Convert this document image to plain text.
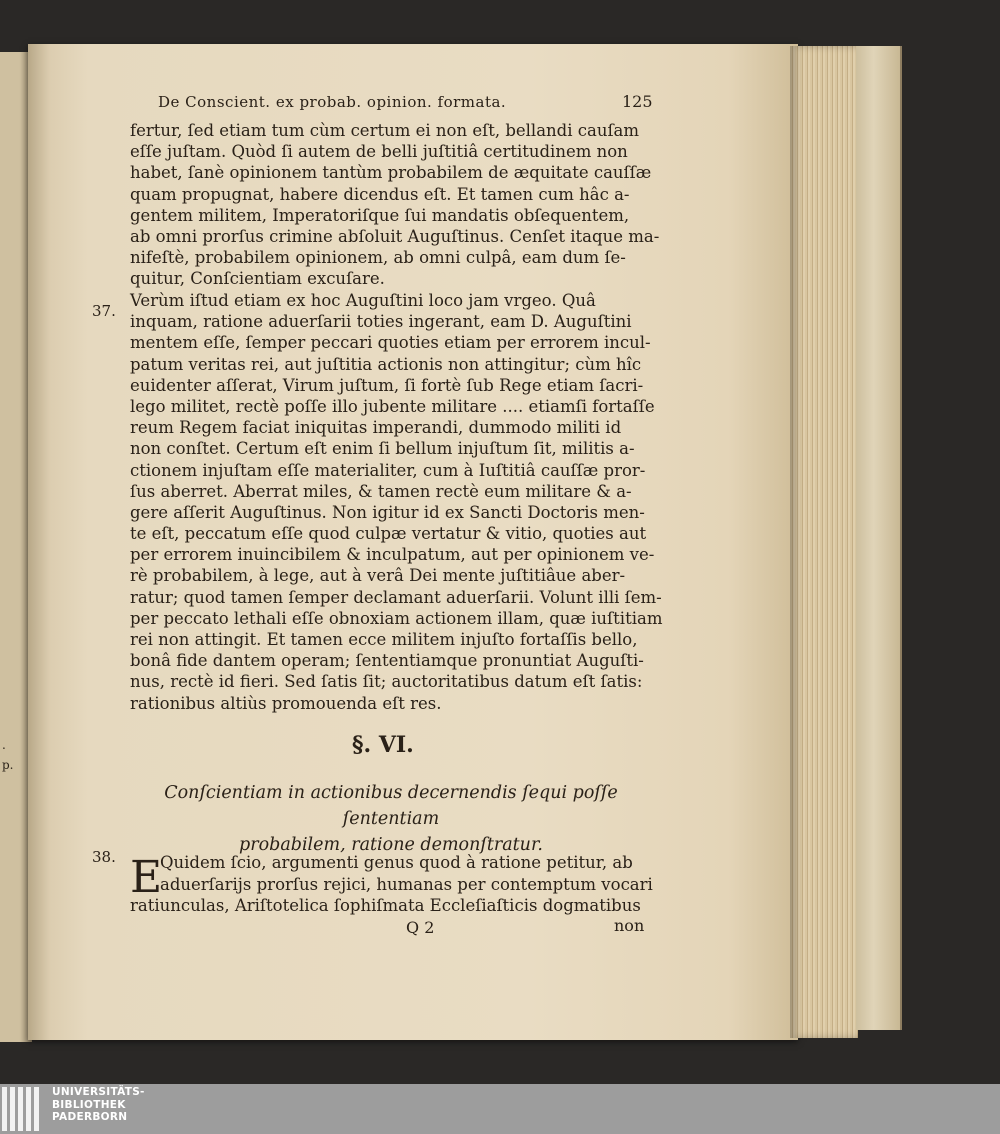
.
p.
De Conscient. ex probab. opinion. formata.	125
fertur, ſed etiam tum cùm certum ei non eſt, bellandi cauſam
eſſe juſtam. Quòd ſi autem de belli juſtitiâ certitudinem non
habet, ſanè opinionem tantùm probabilem de æquitate cauſſæ
quam propugnat, habere dicendus eſt. Et tamen cum hâc a-
gentem militem, Imperatoriſque ſui mandatis obſequentem,
ab omni prorſus crimine abſoluit Auguſtinus. Cenſet itaque ma-
nifeſtè, probabilem opinionem, ab omni culpâ, eam dum ſe-
quitur, Conſcientiam excuſare.
37.
Verùm iſtud etiam ex hoc Auguſtini loco jam vrgeo. Quâ
inquam, ratione aduerſarii toties ingerant, eam D. Auguſtini
mentem eſſe, ſemper peccari quoties etiam per errorem incul-
patum veritas rei, aut juſtitia actionis non attingitur; cùm hîc
euidenter aſſerat, Virum juſtum, ſi fortè ſub Rege etiam ſacri-
lego militet, rectè poſſe illo jubente militare .... etiamſi fortaſſe
reum Regem faciat iniquitas imperandi, dummodo militi id
non conſtet. Certum eſt enim ſi bellum injuſtum ſit, militis a-
ctionem injuſtam eſſe materialiter, cum à Iuſtitiâ cauſſæ pror-
ſus aberret. Aberrat miles, & tamen rectè eum militare & a-
gere aſſerit Auguſtinus. Non igitur id ex Sancti Doctoris men-
te eſt, peccatum eſſe quod culpæ vertatur & vitio, quoties aut
per errorem inuincibilem & inculpatum, aut per opinionem ve-
rè probabilem, à lege, aut à verâ Dei mente juſtitiâue aber-
ratur; quod tamen ſemper declamant aduerſarii. Volunt illi ſem-
per peccato lethali eſſe obnoxiam actionem illam, quæ iuſtitiam
rei non attingit. Et tamen ecce militem injuſto fortaſſis bello,
bonâ fide dantem operam; ſententiamque pronuntiat Auguſti-
nus, rectè id fieri. Sed ſatis ſit; auctoritatibus datum eſt ſatis:
rationibus altiùs promouenda eſt res.
§. VI.
Conſcientiam in actionibus decernendis ſequi poſſe ſententiam
probabilem, ratione demonſtratur.
38. E
Quidem ſcio, argumenti genus quod à ratione petitur, ab
aduerſarijs prorſus rejici, humanas per contemptum vocari
ratiunculas, Ariſtotelica ſophiſmata Eccleſiaſticis dogmatibus
Q 2	non
UNIVERSITÄTS-
BIBLIOTHEK
PADERBORN
